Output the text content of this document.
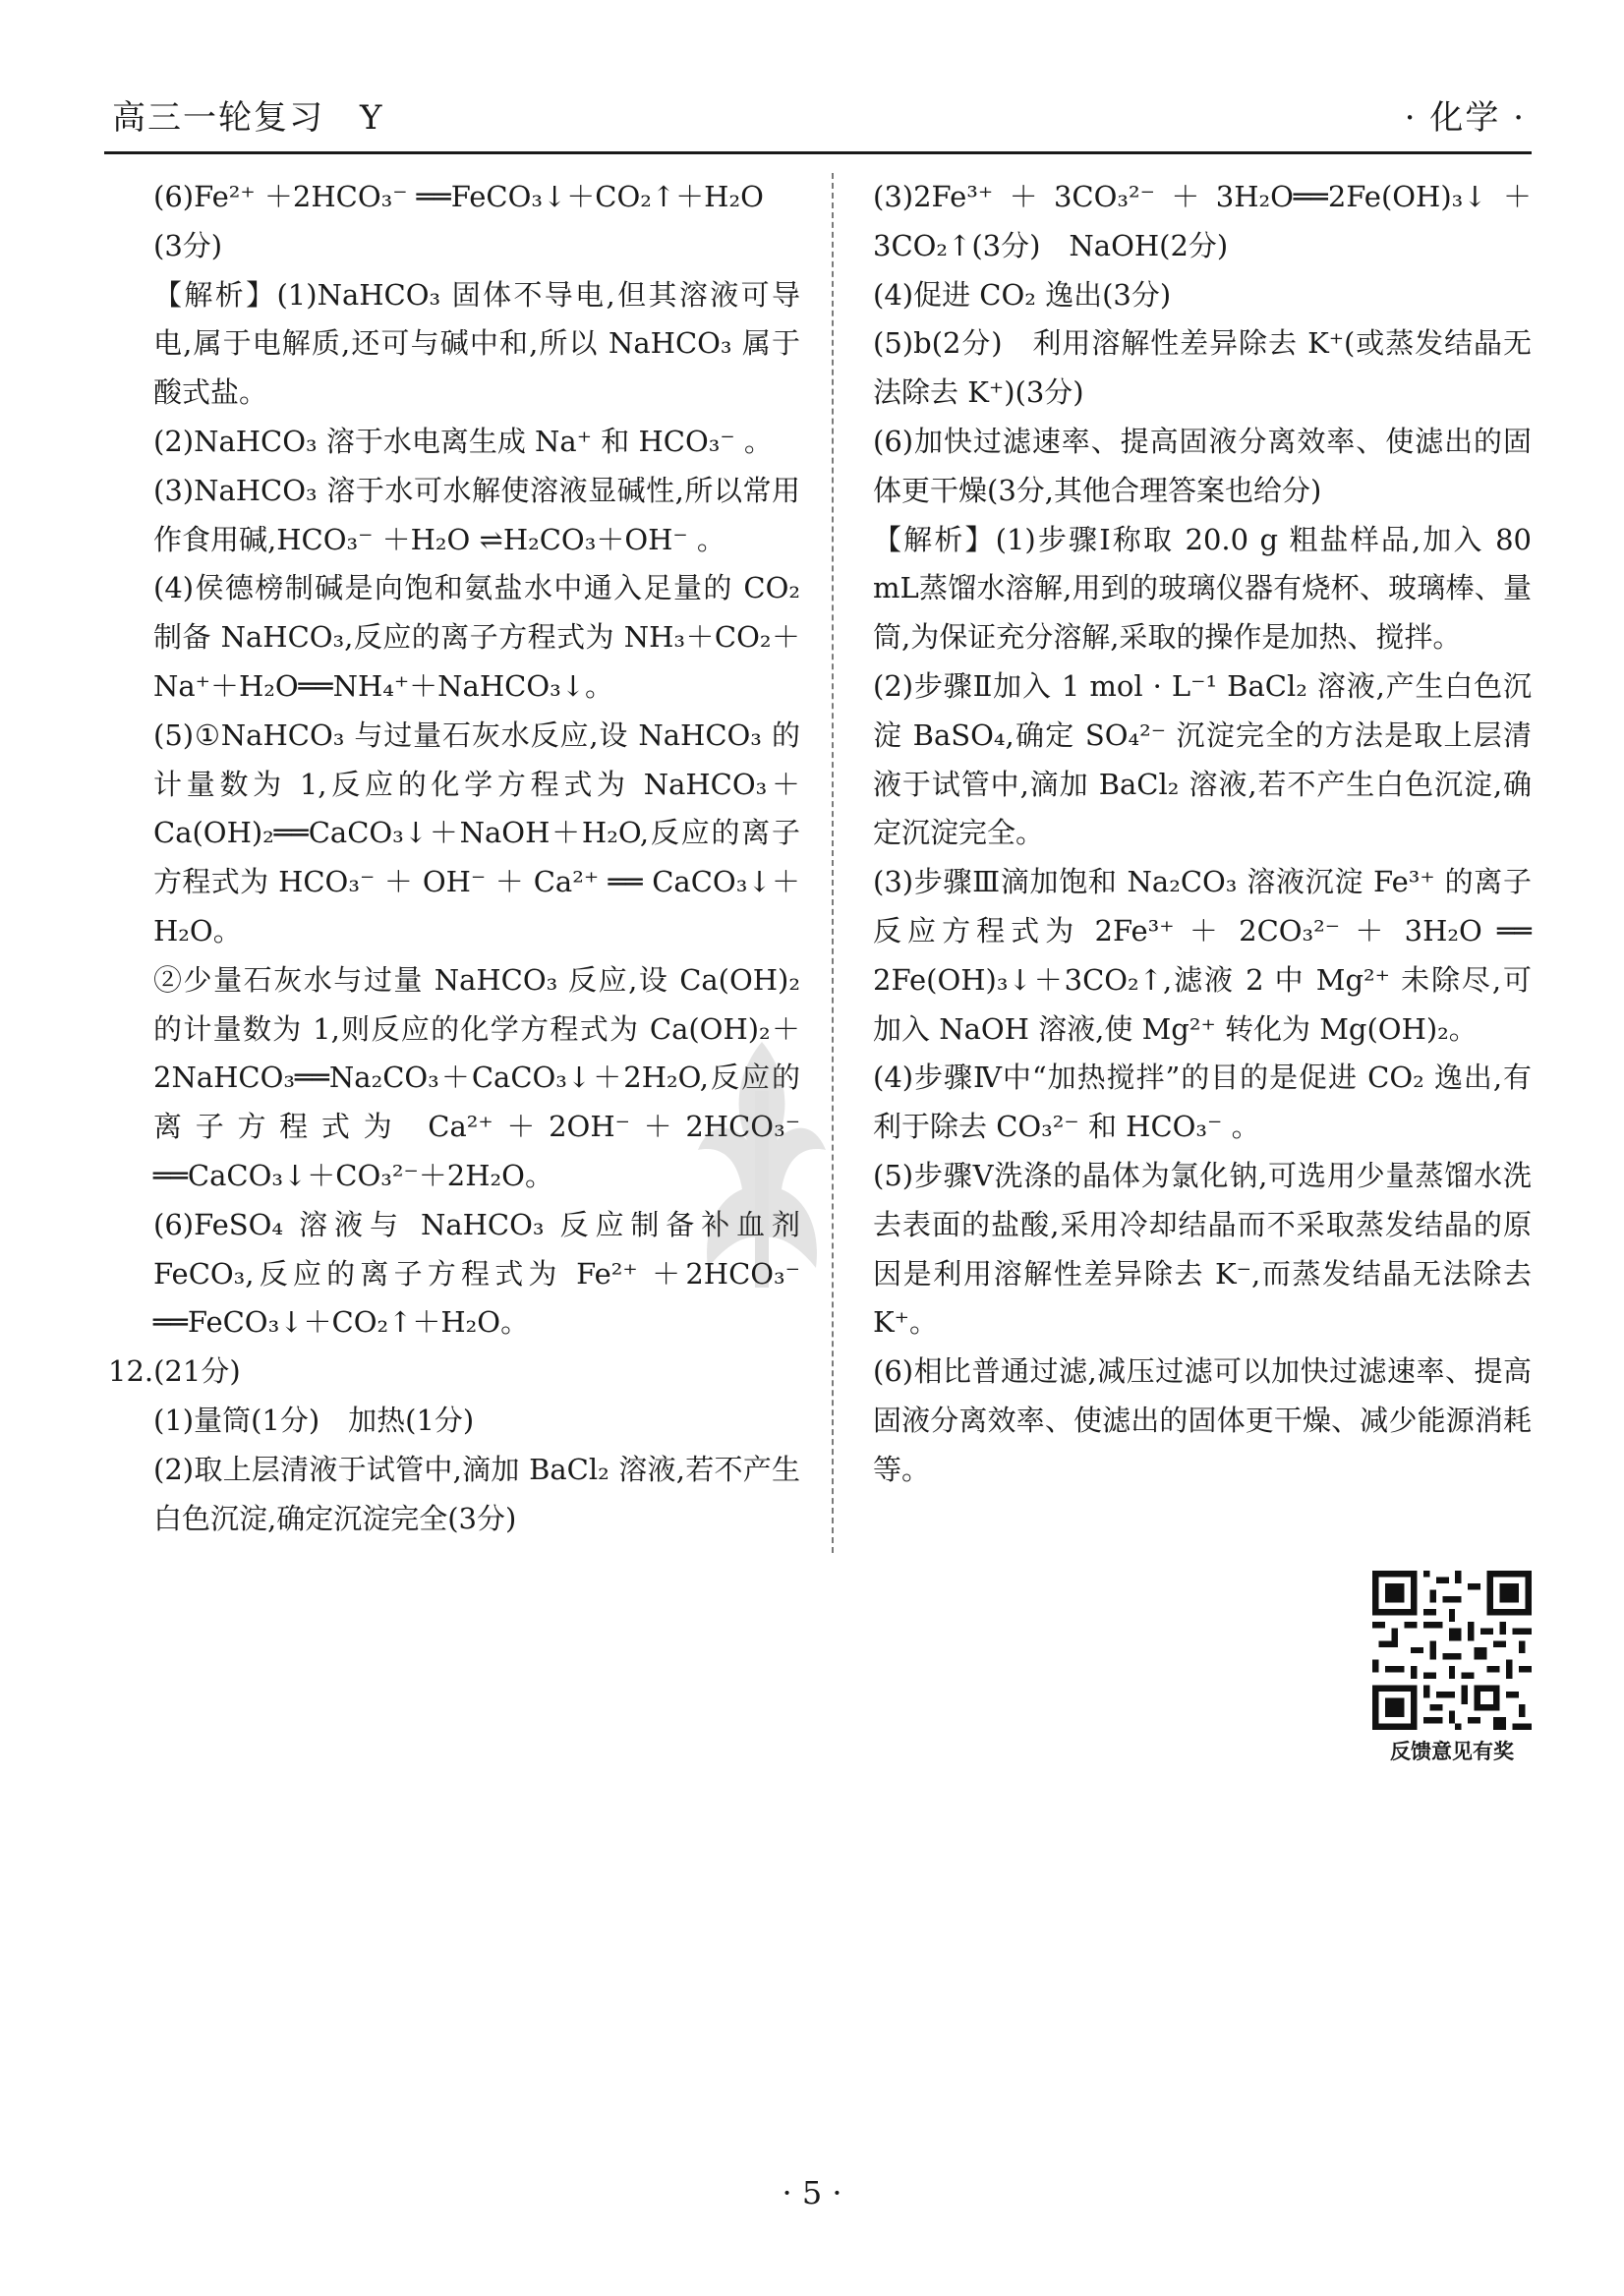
高三一轮复习　Y	· 化学 ·

(6)Fe²⁺ ＋2HCO₃⁻ ══FeCO₃↓＋CO₂↑＋H₂O

(3分)

【解析】(1)NaHCO₃ 固体不导电,但其溶液可导电,属于电解质,还可与碱中和,所以 NaHCO₃ 属于酸式盐。

(2)NaHCO₃ 溶于水电离生成 Na⁺ 和 HCO₃⁻ 。

(3)NaHCO₃ 溶于水可水解使溶液显碱性,所以常用作食用碱,HCO₃⁻ ＋H₂O ⇌H₂CO₃＋OH⁻ 。

(4)侯德榜制碱是向饱和氨盐水中通入足量的 CO₂ 制备 NaHCO₃,反应的离子方程式为 NH₃＋CO₂＋Na⁺＋H₂O══NH₄⁺＋NaHCO₃↓。

(5)①NaHCO₃ 与过量石灰水反应,设 NaHCO₃ 的计量数为 1,反应的化学方程式为 NaHCO₃＋Ca(OH)₂══CaCO₃↓＋NaOH＋H₂O,反应的离子方程式为 HCO₃⁻ ＋ OH⁻ ＋ Ca²⁺ ══ CaCO₃↓＋H₂O。

②少量石灰水与过量 NaHCO₃ 反应,设 Ca(OH)₂ 的计量数为 1,则反应的化学方程式为 Ca(OH)₂＋2NaHCO₃══Na₂CO₃＋CaCO₃↓＋2H₂O,反应的离子方程式为 Ca²⁺＋2OH⁻＋2HCO₃⁻ ══CaCO₃↓＋CO₃²⁻＋2H₂O。

(6)FeSO₄ 溶液与 NaHCO₃ 反应制备补血剂FeCO₃,反应的离子方程式为 Fe²⁺ ＋2HCO₃⁻ ══FeCO₃↓＋CO₂↑＋H₂O。

12.(21分)

(1)量筒(1分)　加热(1分)

(2)取上层清液于试管中,滴加 BaCl₂ 溶液,若不产生白色沉淀,确定沉淀完全(3分)

(3)2Fe³⁺＋3CO₃²⁻＋3H₂O══2Fe(OH)₃↓＋3CO₂↑(3分)　NaOH(2分)

(4)促进 CO₂ 逸出(3分)

(5)b(2分)　利用溶解性差异除去 K⁺(或蒸发结晶无法除去 K⁺)(3分)

(6)加快过滤速率、提高固液分离效率、使滤出的固体更干燥(3分,其他合理答案也给分)

【解析】(1)步骤Ⅰ称取 20.0 g 粗盐样品,加入 80 mL蒸馏水溶解,用到的玻璃仪器有烧杯、玻璃棒、量筒,为保证充分溶解,采取的操作是加热、搅拌。

(2)步骤Ⅱ加入 1 mol · L⁻¹ BaCl₂ 溶液,产生白色沉淀 BaSO₄,确定 SO₄²⁻ 沉淀完全的方法是取上层清液于试管中,滴加 BaCl₂ 溶液,若不产生白色沉淀,确定沉淀完全。

(3)步骤Ⅲ滴加饱和 Na₂CO₃ 溶液沉淀 Fe³⁺ 的离子反应方程式为 2Fe³⁺ ＋ 2CO₃²⁻ ＋ 3H₂O ══ 2Fe(OH)₃↓＋3CO₂↑,滤液 2 中 Mg²⁺ 未除尽,可加入 NaOH 溶液,使 Mg²⁺ 转化为 Mg(OH)₂。

(4)步骤Ⅳ中“加热搅拌”的目的是促进 CO₂ 逸出,有利于除去 CO₃²⁻ 和 HCO₃⁻ 。

(5)步骤Ⅴ洗涤的晶体为氯化钠,可选用少量蒸馏水洗去表面的盐酸,采用冷却结晶而不采取蒸发结晶的原因是利用溶解性差异除去 K⁻,而蒸发结晶无法除去 K⁺。

(6)相比普通过滤,减压过滤可以加快过滤速率、提高固液分离效率、使滤出的固体更干燥、减少能源消耗等。

反馈意见有奖
· 5 ·
